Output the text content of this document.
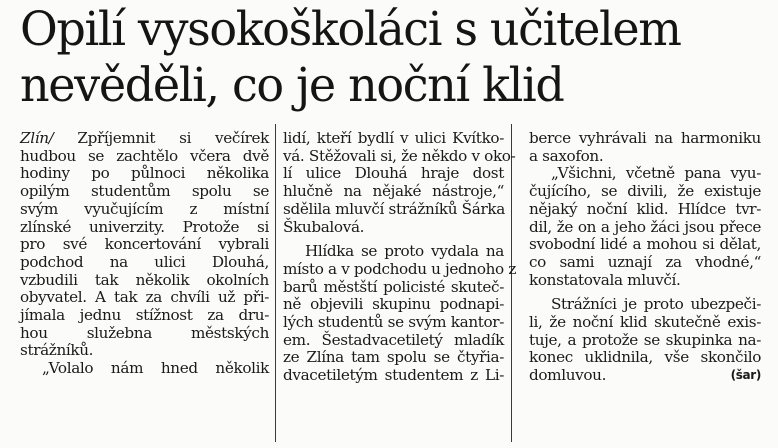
Opilí vysokoškoláci s učitelem
nevěděli, co je noční klid
Zlín/ Zpříjemnit si večírek
hudbou se zachtělo včera dvě
hodiny po půlnoci několika
opilým studentům spolu se
svým vyučujícím z místní
zlínské univerzity. Protože si
pro své koncertování vybrali
podchod na ulici Dlouhá,
vzbudili tak několik okolních
obyvatel. A tak za chvíli už při-
jímala jednu stížnost za dru-
hou služebna městských
strážníků.
„Volalo nám hned několik
lidí, kteří bydlí v ulici Kvítko-
vá. Stěžovali si, že někdo v oko-
lí ulice Dlouhá hraje dost
hlučně na nějaké nástroje,“
sdělila mluvčí strážníků Šárka
Škubalová.
Hlídka se proto vydala na
místo a v podchodu u jednoho z
barů městští policisté skuteč-
ně objevili skupinu podnapi-
lých studentů se svým kantor-
em. Šestadvacetiletý mladík
ze Zlína tam spolu se čtyřia-
dvacetiletým studentem z Li-
berce vyhrávali na harmoniku
a saxofon.
„Všichni, včetně pana vyu-
čujícího, se divili, že existuje
nějaký noční klid. Hlídce tvr-
dil, že on a jeho žáci jsou přece
svobodní lidé a mohou si dělat,
co sami uznají za vhodné,“
konstatovala mluvčí.
Strážníci je proto ubezpeči-
li, že noční klid skutečně exis-
tuje, a protože se skupinka na-
konec uklidnila, vše skončilo
domluvou.	(šar)
